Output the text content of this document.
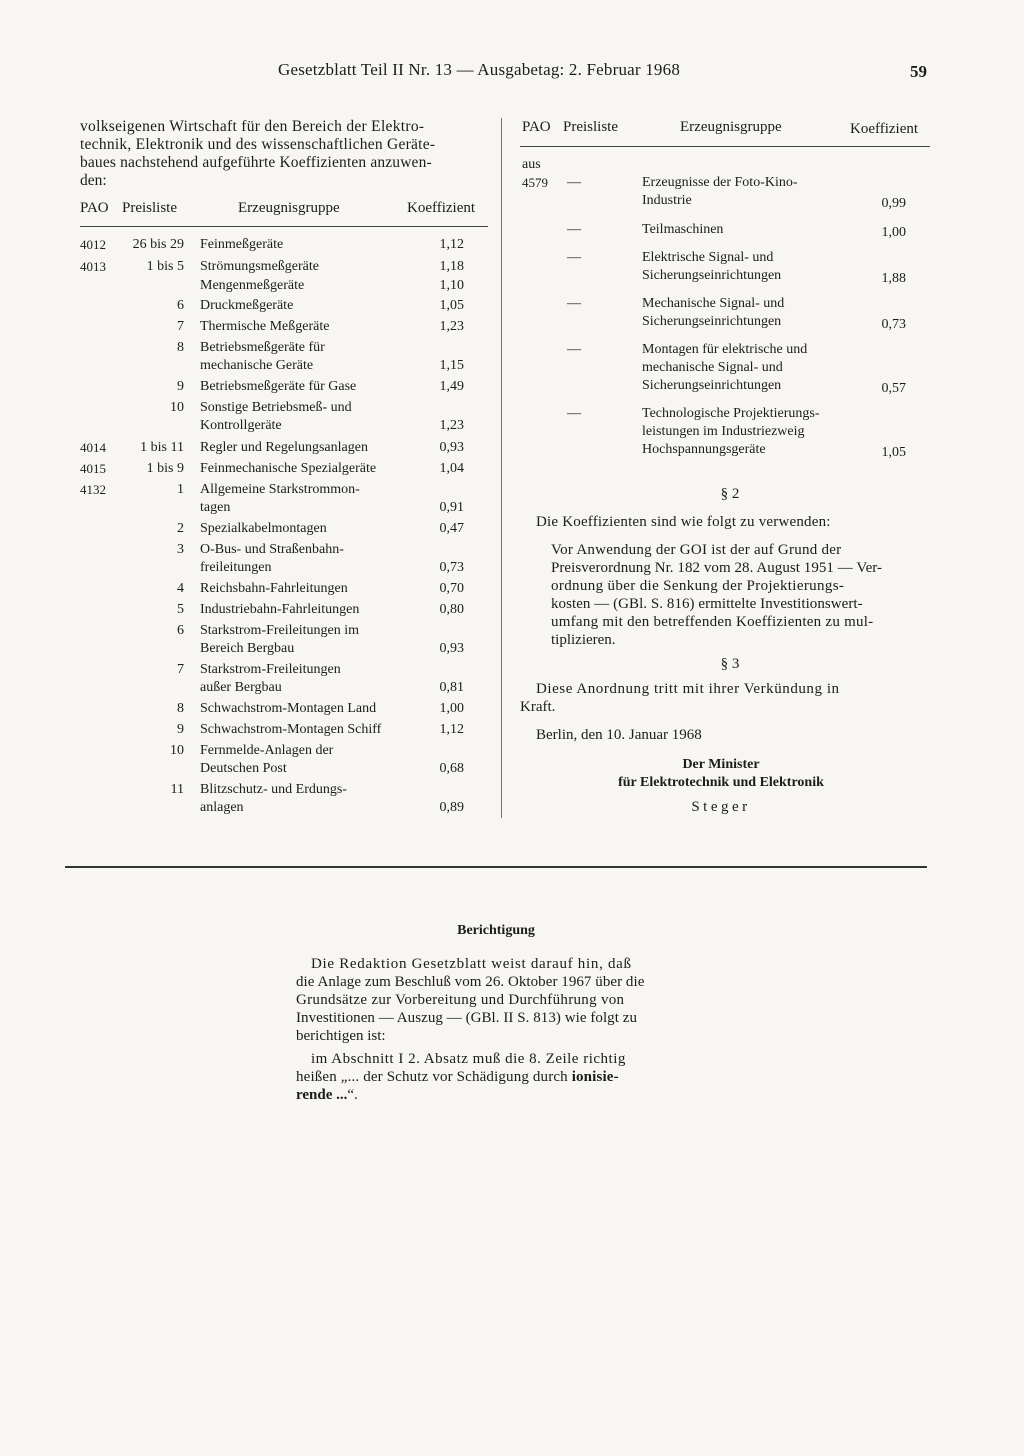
Gesetzblatt Teil II Nr. 13 — Ausgabetag: 2. Februar 1968	59
volkseigenen Wirtschaft für den Bereich der Elektro-
technik, Elektronik und des wissenschaftlichen Geräte-
baues nachstehend aufgeführte Koeffizienten anzuwen-
den:
PAO Preisliste	Erzeugnisgruppe	Koeffizient
4012	26 bis 29 Feinmeßgeräte	1,12
4013	1 bis 5 Strömungsmeßgeräte	1,18
Mengenmeßgeräte	1,10
6 Druckmeßgeräte	1,05
7 Thermische Meßgeräte	1,23
8 Betriebsmeßgeräte für
mechanische Geräte	1,15
9 Betriebsmeßgeräte für Gase	1,49
10 Sonstige Betriebsmeß- und
Kontrollgeräte	1,23
4014	1 bis 11 Regler und Regelungsanlagen	0,93
4015	1 bis 9 Feinmechanische Spezialgeräte	1,04
4132	1 Allgemeine Starkstrommon-
tagen	0,91
2 Spezialkabelmontagen	0,47
3 O-Bus- und Straßenbahn-
freileitungen	0,73
4 Reichsbahn-Fahrleitungen	0,70
5 Industriebahn-Fahrleitungen	0,80
6 Starkstrom-Freileitungen im
Bereich Bergbau	0,93
7 Starkstrom-Freileitungen
außer Bergbau	0,81
8 Schwachstrom-Montagen Land	1,00
9 Schwachstrom-Montagen Schiff	1,12
10 Fernmelde-Anlagen der
Deutschen Post	0,68
11 Blitzschutz- und Erdungs-
anlagen	0,89
PAO Preisliste	Erzeugnisgruppe	Koeffizient
aus
4579	—	Erzeugnisse der Foto-Kino-
Industrie	0,99
—	Teilmaschinen	1,00
—	Elektrische Signal- und
Sicherungseinrichtungen	1,88
—	Mechanische Signal- und
Sicherungseinrichtungen	0,73
—	Montagen für elektrische und
mechanische Signal- und
Sicherungseinrichtungen	0,57
—	Technologische Projektierungs-
leistungen im Industriezweig
Hochspannungsgeräte	1,05
§ 2
Die Koeffizienten sind wie folgt zu verwenden:
Vor Anwendung der GOI ist der auf Grund der
Preisverordnung Nr. 182 vom 28. August 1951 — Ver-
ordnung über die Senkung der Projektierungs-
kosten — (GBl. S. 816) ermittelte Investitionswert-
umfang mit den betreffenden Koeffizienten zu mul-
tiplizieren.
§ 3
Diese Anordnung tritt mit ihrer Verkündung in
Kraft.
Berlin, den 10. Januar 1968
Der Minister
für Elektrotechnik und Elektronik
Steger
Berichtigung
Die Redaktion Gesetzblatt weist darauf hin, daß
die Anlage zum Beschluß vom 26. Oktober 1967 über die
Grundsätze zur Vorbereitung und Durchführung von
Investitionen — Auszug — (GBl. II S. 813) wie folgt zu
berichtigen ist:
im Abschnitt I 2. Absatz muß die 8. Zeile richtig
heißen „... der Schutz vor Schädigung durch ionisie-
rende ...“.
